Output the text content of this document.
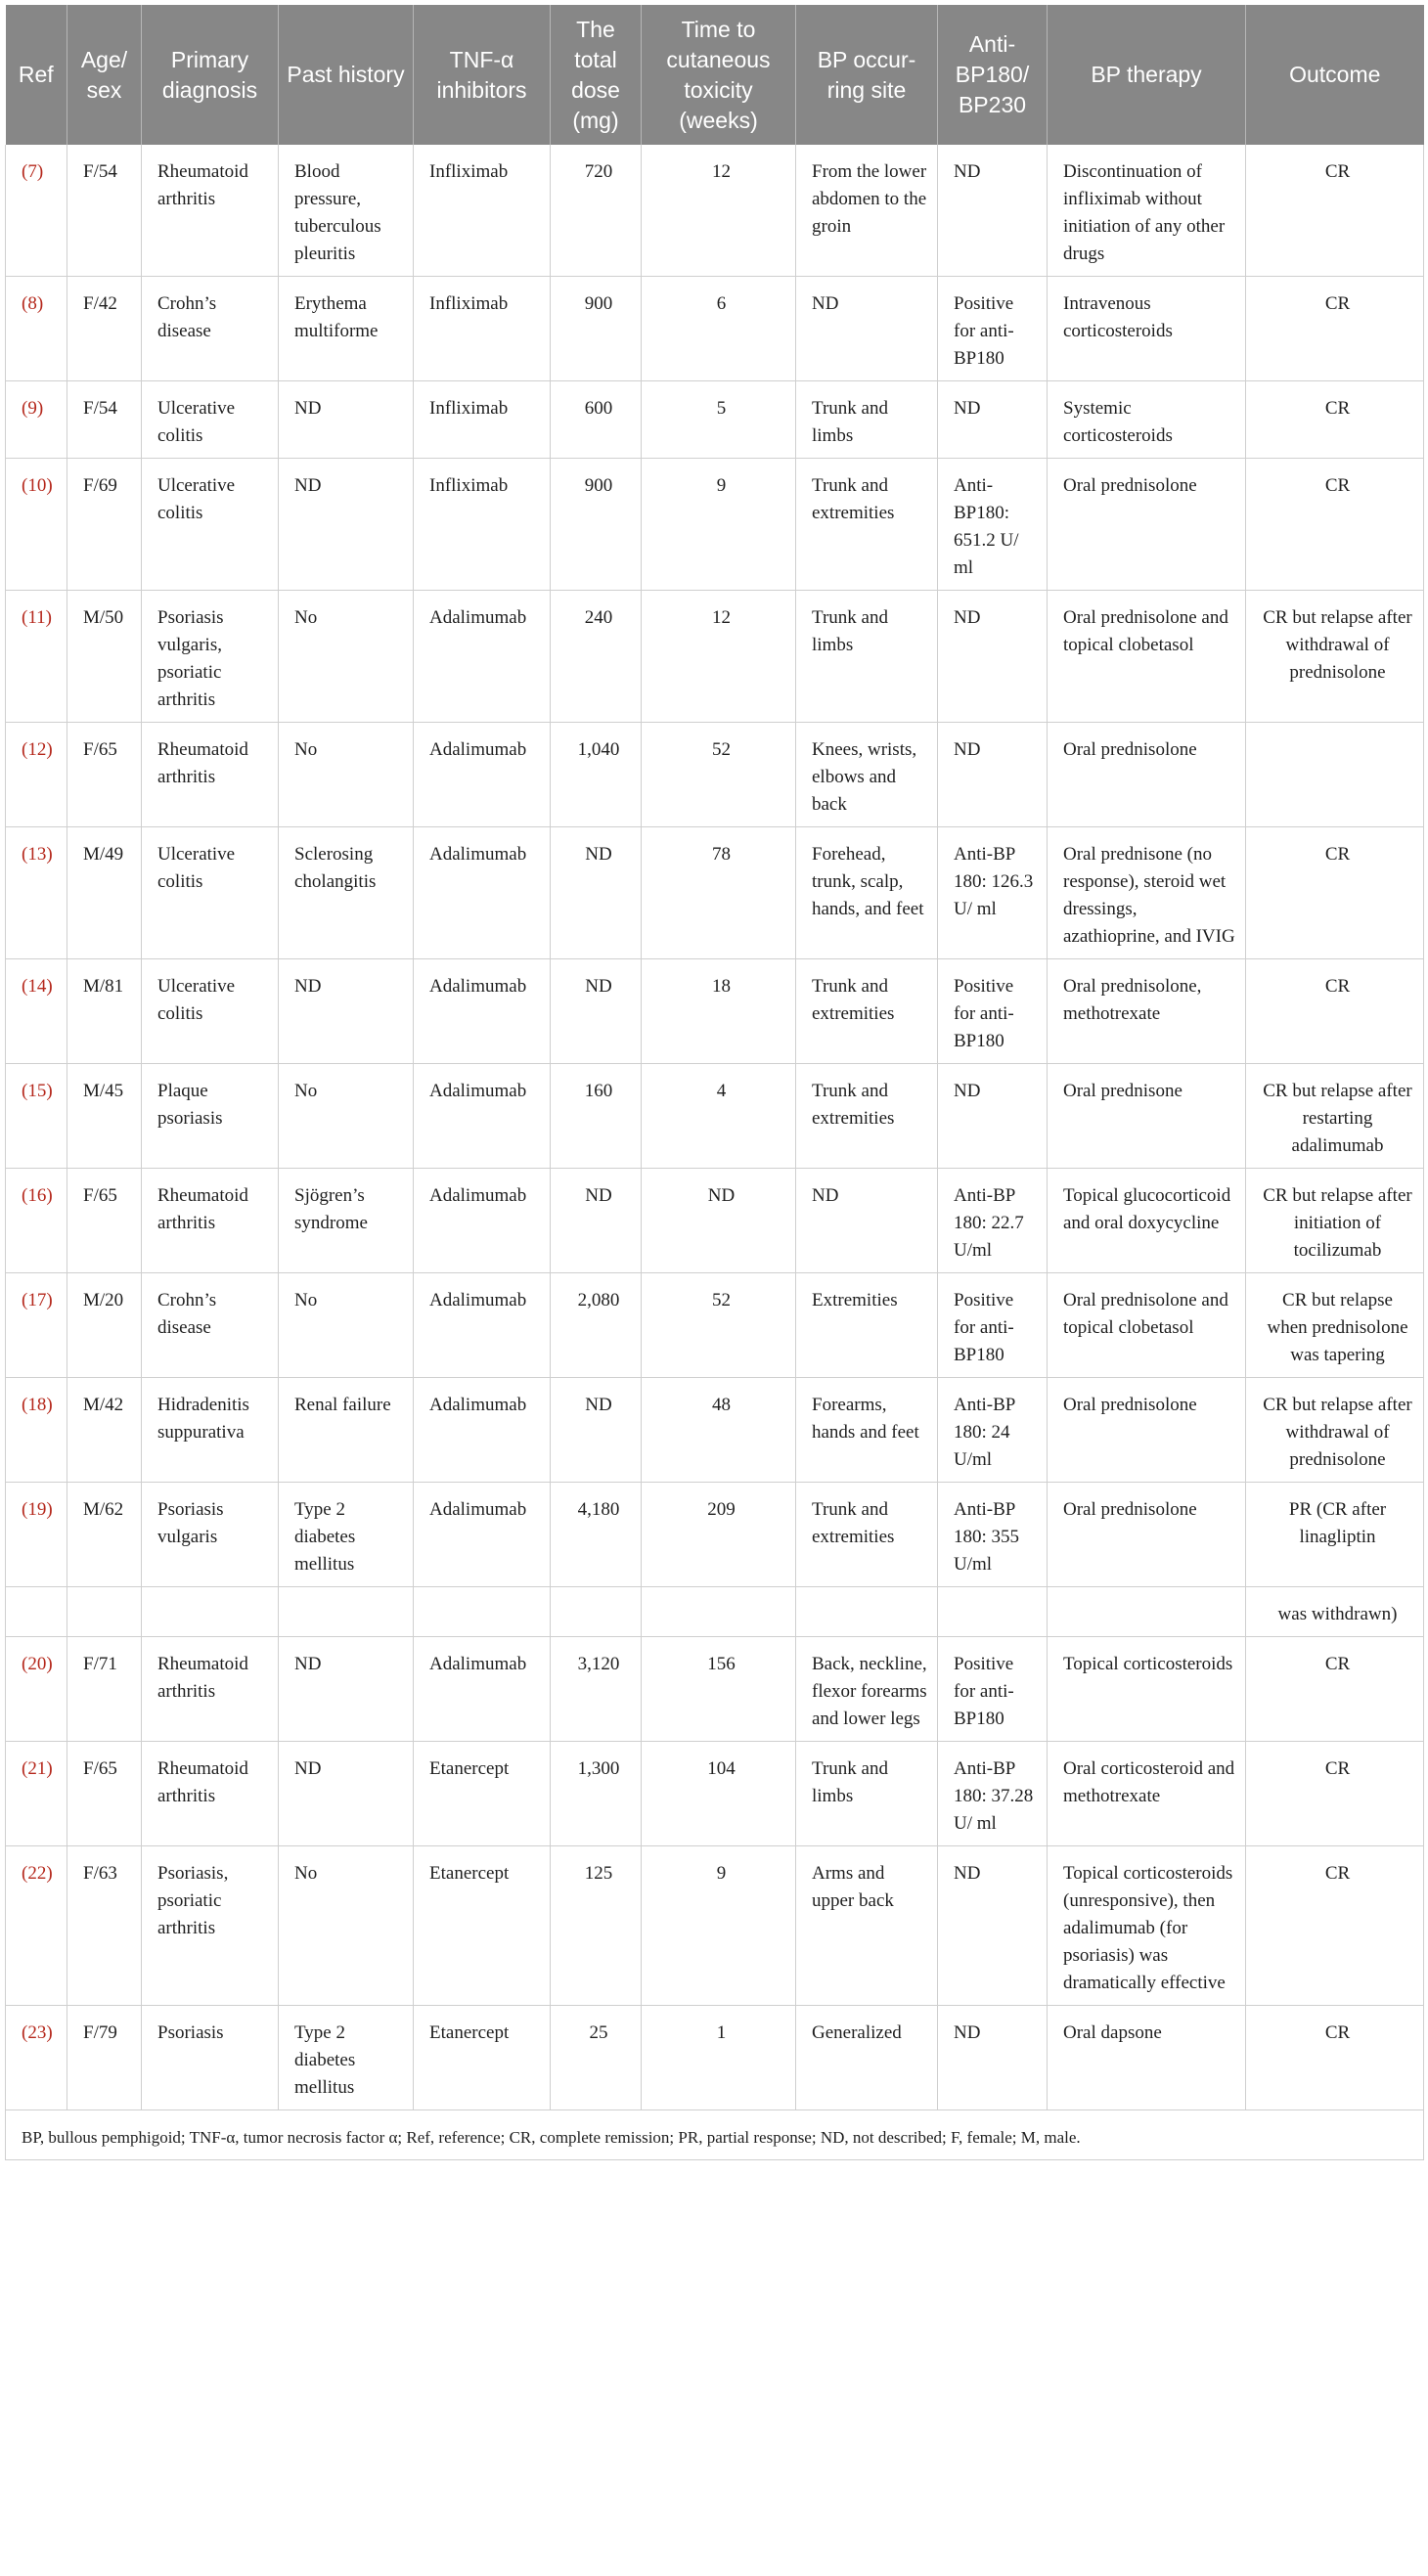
Ref	Age/ sex	Primary diagnosis	Past history	TNF-α inhibitors	The total dose (mg)	Time to cutaneous toxicity (weeks)	BP occur-ring site	Anti-BP180/ BP230	BP therapy	Outcome
(7)	F/54	Rheumatoid arthritis	Blood pressure, tuberculous pleuritis	Infliximab	720	12	From the lower abdomen to the groin	ND	Discontinuation of infliximab without initiation of any other drugs	CR
(8)	F/42	Crohn’s disease	Erythema multiforme	Infliximab	900	6	ND	Positive for anti-BP180	Intravenous corticosteroids	CR
(9)	F/54	Ulcerative colitis	ND	Infliximab	600	5	Trunk and limbs	ND	Systemic corticosteroids	CR
(10)	F/69	Ulcerative colitis	ND	Infliximab	900	9	Trunk and extremities	Anti-BP180: 651.2 U/ ml	Oral prednisolone	CR
(11)	M/50	Psoriasis vulgaris, psoriatic arthritis	No	Adalimumab	240	12	Trunk and limbs	ND	Oral prednisolone and topical clobetasol	CR but relapse after withdrawal of prednisolone
(12)	F/65	Rheumatoid arthritis	No	Adalimumab	1,040	52	Knees, wrists, elbows and back	ND	Oral prednisolone	
(13)	M/49	Ulcerative colitis	Sclerosing cholangitis	Adalimumab	ND	78	Forehead, trunk, scalp, hands, and feet	Anti-BP 180: 126.3 U/ ml	Oral prednisone (no response), steroid wet dressings, azathioprine, and IVIG	CR
(14)	M/81	Ulcerative colitis	ND	Adalimumab	ND	18	Trunk and extremities	Positive for anti-BP180	Oral prednisolone, methotrexate	CR
(15)	M/45	Plaque psoriasis	No	Adalimumab	160	4	Trunk and extremities	ND	Oral prednisone	CR but relapse after restarting adalimumab
(16)	F/65	Rheumatoid arthritis	Sjögren’s syndrome	Adalimumab	ND	ND	ND	Anti-BP 180: 22.7 U/ml	Topical glucocorticoid and oral doxycycline	CR but relapse after initiation of tocilizumab
(17)	M/20	Crohn’s disease	No	Adalimumab	2,080	52	Extremities	Positive for anti-BP180	Oral prednisolone and topical clobetasol	CR but relapse when prednisolone was tapering
(18)	M/42	Hidradenitis suppurativa	Renal failure	Adalimumab	ND	48	Forearms, hands and feet	Anti-BP 180: 24 U/ml	Oral prednisolone	CR but relapse after withdrawal of prednisolone
(19)	M/62	Psoriasis vulgaris	Type 2 diabetes mellitus	Adalimumab	4,180	209	Trunk and extremities	Anti-BP 180: 355 U/ml	Oral prednisolone	PR (CR after linagliptin
										was withdrawn)
(20)	F/71	Rheumatoid arthritis	ND	Adalimumab	3,120	156	Back, neckline, flexor forearms and lower legs	Positive for anti-BP180	Topical corticosteroids	CR
(21)	F/65	Rheumatoid arthritis	ND	Etanercept	1,300	104	Trunk and limbs	Anti-BP 180: 37.28 U/ ml	Oral corticosteroid and methotrexate	CR
(22)	F/63	Psoriasis, psoriatic arthritis	No	Etanercept	125	9	Arms and upper back	ND	Topical corticosteroids (unresponsive), then adalimumab (for psoriasis) was dramatically effective	CR
(23)	F/79	Psoriasis	Type 2 diabetes mellitus	Etanercept	25	1	Generalized	ND	Oral dapsone	CR
BP, bullous pemphigoid; TNF-α, tumor necrosis factor α; Ref, reference; CR, complete remission; PR, partial response; ND, not described; F, female; M, male.										
